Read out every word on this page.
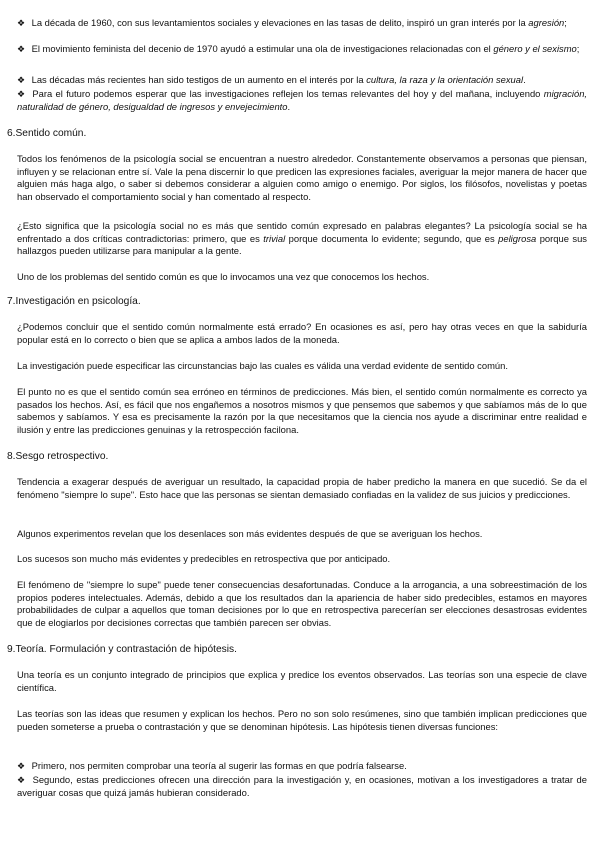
❖ La década de 1960, con sus levantamientos sociales y elevaciones en las tasas de delito, inspiró un gran interés por la agresión;
❖ El movimiento feminista del decenio de 1970 ayudó a estimular una ola de investigaciones relacionadas con el género y el sexismo;
❖ Las décadas más recientes han sido testigos de un aumento en el interés por la cultura, la raza y la orientación sexual.
❖ Para el futuro podemos esperar que las investigaciones reflejen los temas relevantes del hoy y del mañana, incluyendo migración, naturalidad de género, desigualdad de ingresos y envejecimiento.
6.Sentido común.
Todos los fenómenos de la psicología social se encuentran a nuestro alrededor. Constantemente observamos a personas que piensan, influyen y se relacionan entre sí. Vale la pena discernir lo que predicen las expresiones faciales, averiguar la mejor manera de hacer que alguien más haga algo, o saber si debemos considerar a alguien como amigo o enemigo. Por siglos, los filósofos, novelistas y poetas han observado el comportamiento social y han comentado al respecto.
¿Esto significa que la psicología social no es más que sentido común expresado en palabras elegantes? La psicología social se ha enfrentado a dos críticas contradictorias: primero, que es trivial porque documenta lo evidente; segundo, que es peligrosa porque sus hallazgos pueden utilizarse para manipular a la gente.
Uno de los problemas del sentido común es que lo invocamos una vez que conocemos los hechos.
7.Investigación en psicología.
¿Podemos concluir que el sentido común normalmente está errado? En ocasiones es así, pero hay otras veces en que la sabiduría popular está en lo correcto o bien que se aplica a ambos lados de la moneda.
La investigación puede especificar las circunstancias bajo las cuales es válida una verdad evidente de sentido común.
El punto no es que el sentido común sea erróneo en términos de predicciones. Más bien, el sentido común normalmente es correcto ya pasados los hechos. Así, es fácil que nos engañemos a nosotros mismos y que pensemos que sabemos y que sabíamos más de lo que sabemos y sabíamos. Y esa es precisamente la razón por la que necesitamos que la ciencia nos ayude a discriminar entre realidad e ilusión y entre las predicciones genuinas y la retrospección facilona.
8.Sesgo retrospectivo.
Tendencia a exagerar después de averiguar un resultado, la capacidad propia de haber predicho la manera en que sucedió. Se da el fenómeno "siempre lo supe". Esto hace que las personas se sientan demasiado confiadas en la validez de sus juicios y predicciones.
Algunos experimentos revelan que los desenlaces son más evidentes después de que se averiguan los hechos.
Los sucesos son mucho más evidentes y predecibles en retrospectiva que por anticipado.
El fenómeno de "siempre lo supe" puede tener consecuencias desafortunadas. Conduce a la arrogancia, a una sobreestimación de los propios poderes intelectuales. Además, debido a que los resultados dan la apariencia de haber sido predecibles, estamos en mayores probabilidades de culpar a aquellos que toman decisiones por lo que en retrospectiva parecerían ser elecciones desastrosas evidentes que de elogiarlos por decisiones correctas que también parecen ser obvias.
9.Teoría. Formulación y contrastación de hipótesis.
Una teoría es un conjunto integrado de principios que explica y predice los eventos observados. Las teorías son una especie de clave científica.
Las teorías son las ideas que resumen y explican los hechos. Pero no son solo resúmenes, sino que también implican predicciones que pueden someterse a prueba o contrastación y que se denominan hipótesis. Las hipótesis tienen diversas funciones:
❖ Primero, nos permiten comprobar una teoría al sugerir las formas en que podría falsearse.
❖ Segundo, estas predicciones ofrecen una dirección para la investigación y, en ocasiones, motivan a los investigadores a tratar de averiguar cosas que quizá jamás hubieran considerado.
